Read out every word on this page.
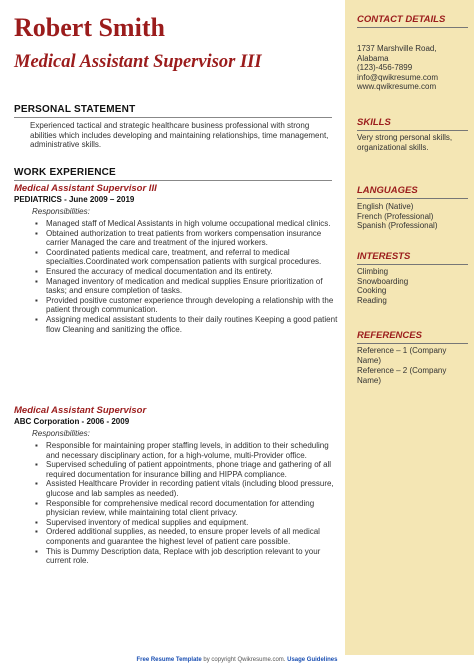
Robert Smith
Medical Assistant Supervisor III
PERSONAL STATEMENT

Experienced tactical and strategic healthcare business professional with strong abilities which includes developing and maintaining relationships, time management, administrative skills.

WORK EXPERIENCE
Medical Assistant Supervisor III
PEDIATRICS - June 2009 – 2019
Responsibilities:
▪ Managed staff of Medical Assistants in high volume occupational medical clinics.
▪ Obtained authorization to treat patients from workers compensation insurance carrier Managed the care and treatment of the injured workers.
▪ Coordinated patients medical care, treatment, and referral to medical specialties.Coordinated work compensation patients with surgical procedures.
▪ Ensured the accuracy of medical documentation and its entirety.
▪ Managed inventory of medication and medical supplies Ensure prioritization of tasks; and ensure completion of tasks.
▪ Provided positive customer experience through developing a relationship with the patient through communication.
▪ Assigning medical assistant students to their daily routines Keeping a good patient flow Cleaning and sanitizing the office.
Medical Assistant Supervisor
ABC Corporation - 2006 - 2009
Responsibilities:
▪ Responsible for maintaining proper staffing levels, in addition to their scheduling and necessary disciplinary action, for a high-volume, multi-Provider office.
▪ Supervised scheduling of patient appointments, phone triage and gathering of all required documentation for insurance billing and HIPPA compliance.
▪ Assisted Healthcare Provider in recording patient vitals (including blood pressure, glucose and lab samples as needed).
▪ Responsible for comprehensive medical record documentation for attending physician review, while maintaining total client privacy.
▪ Supervised inventory of medical supplies and equipment.
▪ Ordered additional supplies, as needed, to ensure proper levels of all medical components and guarantee the highest level of patient care possible.
▪ This is Dummy Description data, Replace with job description relevant to your current role.
CONTACT DETAILS

1737 Marshville Road,

Alabama

(123)-456-7899

info@qwikresume.com

www.qwikresume.com

SKILLS

Very strong personal skills, organizational skills.

LANGUAGES

English (Native)

French (Professional)

Spanish (Professional)

INTERESTS

Climbing

Snowboarding

Cooking

Reading

REFERENCES

Reference – 1 (Company Name)

Reference – 2 (Company Name)

Free Resume Template by copyright Qwikresume.com. Usage Guidelines
